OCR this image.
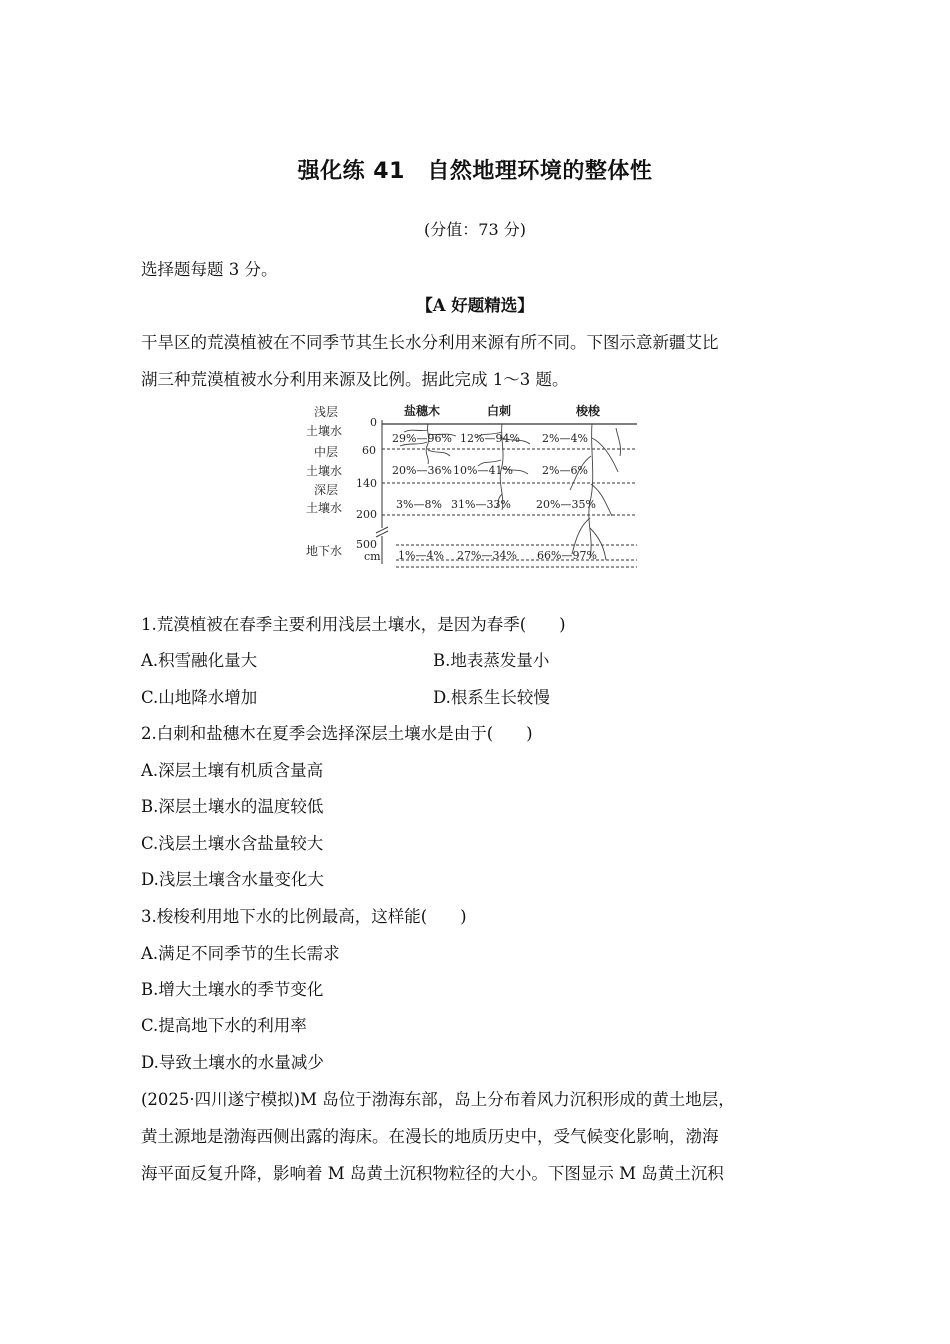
强化练 41　自然地理环境的整体性
(分值：73 分)
选择题每题 3 分。
【A 好题精选】
干旱区的荒漠植被在不同季节其生长水分利用来源有所不同。下图示意新疆艾比
湖三种荒漠植被水分利用来源及比例。据此完成 1～3 题。
浅层
土壤水
中层
土壤水
深层
土壤水
地下水
0
60
140
200
500
cm
盐穗木	白刺	梭梭
29%—96% 12%—94% 2%—4%
20%—36% 10%—41%	2%—6%
3%—8% 31%—33% 20%—35%
1%—4% 27%—34% 66%—97%
1.荒漠植被在春季主要利用浅层土壤水，是因为春季(　　)
A.积雪融化量大	B.地表蒸发量小
C.山地降水增加	D.根系生长较慢
2.白刺和盐穗木在夏季会选择深层土壤水是由于(　　)
A.深层土壤有机质含量高
B.深层土壤水的温度较低
C.浅层土壤水含盐量较大
D.浅层土壤含水量变化大
3.梭梭利用地下水的比例最高，这样能(　　)
A.满足不同季节的生长需求
B.增大土壤水的季节变化
C.提高地下水的利用率
D.导致土壤水的水量减少
(2025·四川遂宁模拟)M 岛位于渤海东部，岛上分布着风力沉积形成的黄土地层，
黄土源地是渤海西侧出露的海床。在漫长的地质历史中，受气候变化影响，渤海
海平面反复升降，影响着 M 岛黄土沉积物粒径的大小。下图显示 M 岛黄土沉积
